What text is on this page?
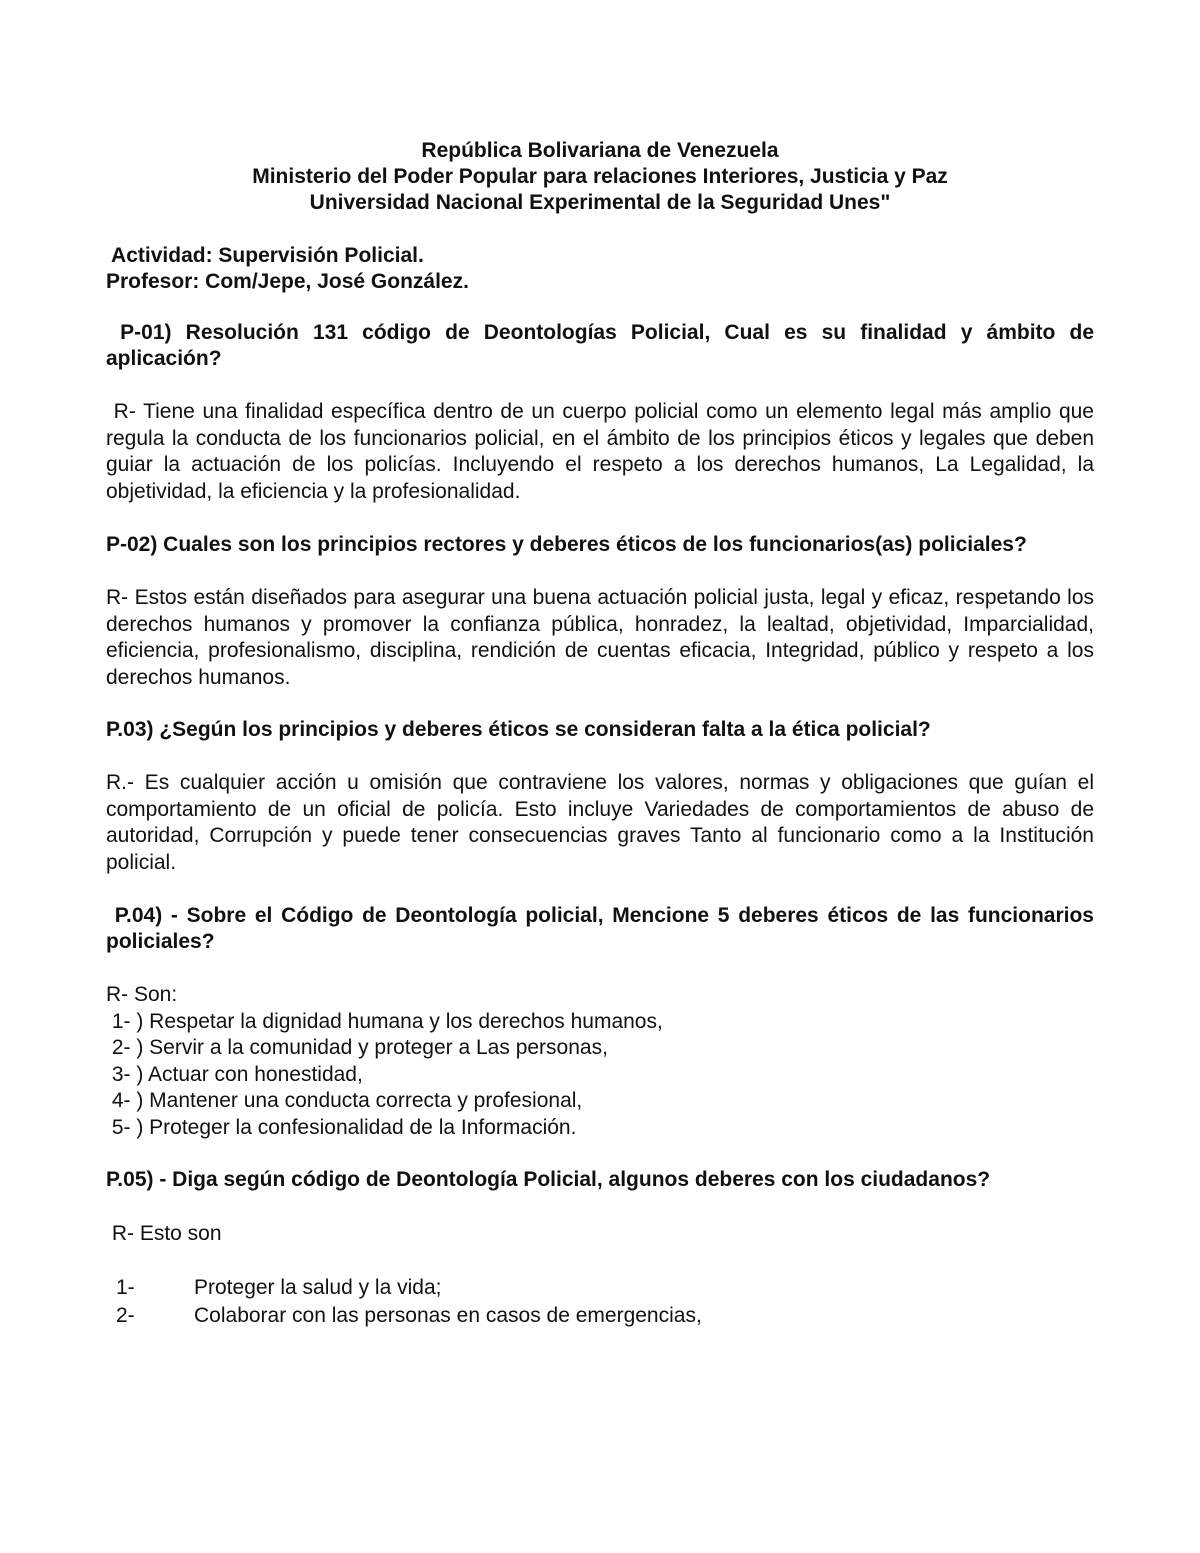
República Bolivariana de Venezuela
Ministerio del Poder Popular para relaciones Interiores, Justicia y Paz
Universidad Nacional Experimental de la Seguridad Unes"
Actividad: Supervisión Policial.
Profesor: Com/Jepe, José González.
P-01) Resolución 131 código de Deontologías Policial, Cual es su finalidad y ámbito de aplicación?
R- Tiene una finalidad específica dentro de un cuerpo policial como un elemento legal más amplio que regula la conducta de los funcionarios policial, en el ámbito de los principios éticos y legales que deben guiar la actuación de los policías. Incluyendo el respeto a los derechos humanos, La Legalidad, la objetividad, la eficiencia y la profesionalidad.
P-02) Cuales son los principios rectores y deberes éticos de los funcionarios(as) policiales?
R- Estos están diseñados para asegurar una buena actuación policial justa, legal y eficaz, respetando los derechos humanos y promover la confianza pública, honradez, la lealtad, objetividad, Imparcialidad, eficiencia, profesionalismo, disciplina, rendición de cuentas eficacia, Integridad, público y respeto a los derechos humanos.
P.03) ¿Según los principios y deberes éticos se consideran falta a la ética policial?
R.- Es cualquier acción u omisión que contraviene los valores, normas y obligaciones que guían el comportamiento de un oficial de policía. Esto incluye Variedades de comportamientos de abuso de autoridad, Corrupción y puede tener consecuencias graves Tanto al funcionario como a la Institución policial.
P.04) - Sobre el Código de Deontología policial, Mencione 5 deberes éticos de las funcionarios policiales?
R- Son:
1- ) Respetar la dignidad humana y los derechos humanos,
2- ) Servir a la comunidad y proteger a Las personas,
3- ) Actuar con honestidad,
4- ) Mantener una conducta correcta y profesional,
5- ) Proteger la confesionalidad de la Información.
P.05) - Diga según código de Deontología Policial, algunos deberes con los ciudadanos?
R- Esto son
1-	Proteger la salud y la vida;
2-	Colaborar con las personas en casos de emergencias,
